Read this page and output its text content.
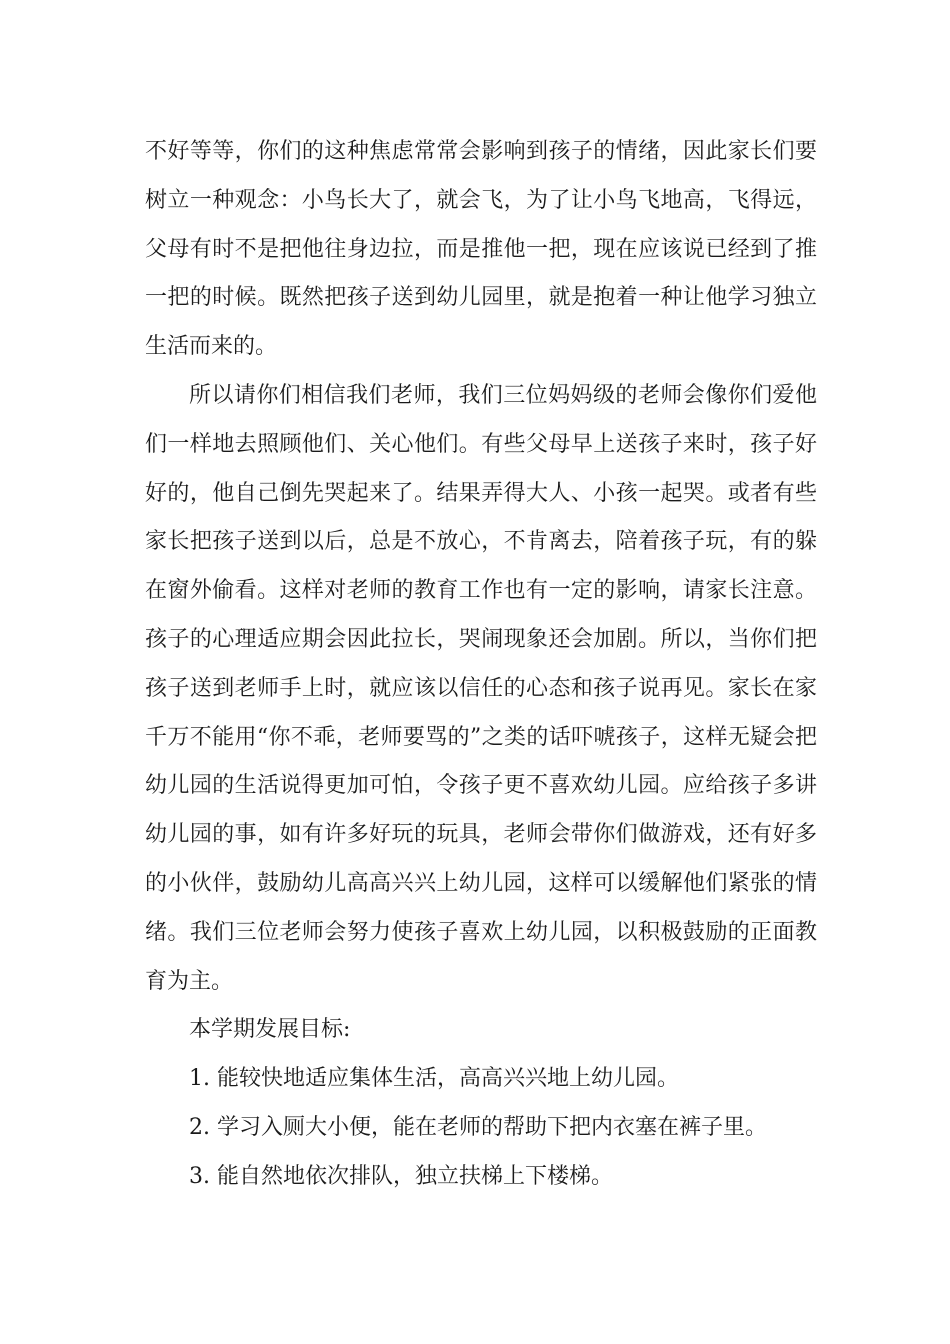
不好等等，你们的这种焦虑常常会影响到孩子的情绪，因此家长们要树立一种观念：小鸟长大了，就会飞，为了让小鸟飞地高，飞得远，父母有时不是把他往身边拉，而是推他一把，现在应该说已经到了推一把的时候。既然把孩子送到幼儿园里，就是抱着一种让他学习独立生活而来的。

所以请你们相信我们老师，我们三位妈妈级的老师会像你们爱他们一样地去照顾他们、关心他们。有些父母早上送孩子来时，孩子好好的，他自己倒先哭起来了。结果弄得大人、小孩一起哭。或者有些家长把孩子送到以后，总是不放心，不肯离去，陪着孩子玩，有的躲在窗外偷看。这样对老师的教育工作也有一定的影响，请家长注意。孩子的心理适应期会因此拉长，哭闹现象还会加剧。所以，当你们把孩子送到老师手上时，就应该以信任的心态和孩子说再见。家长在家千万不能用“你不乖，老师要骂的”之类的话吓唬孩子，这样无疑会把幼儿园的生活说得更加可怕，令孩子更不喜欢幼儿园。应给孩子多讲幼儿园的事，如有许多好玩的玩具，老师会带你们做游戏，还有好多的小伙伴，鼓励幼儿高高兴兴上幼儿园，这样可以缓解他们紧张的情绪。我们三位老师会努力使孩子喜欢上幼儿园，以积极鼓励的正面教育为主。

本学期发展目标:

1. 能较快地适应集体生活，高高兴兴地上幼儿园。

2. 学习入厕大小便，能在老师的帮助下把内衣塞在裤子里。

3. 能自然地依次排队，独立扶梯上下楼梯。
